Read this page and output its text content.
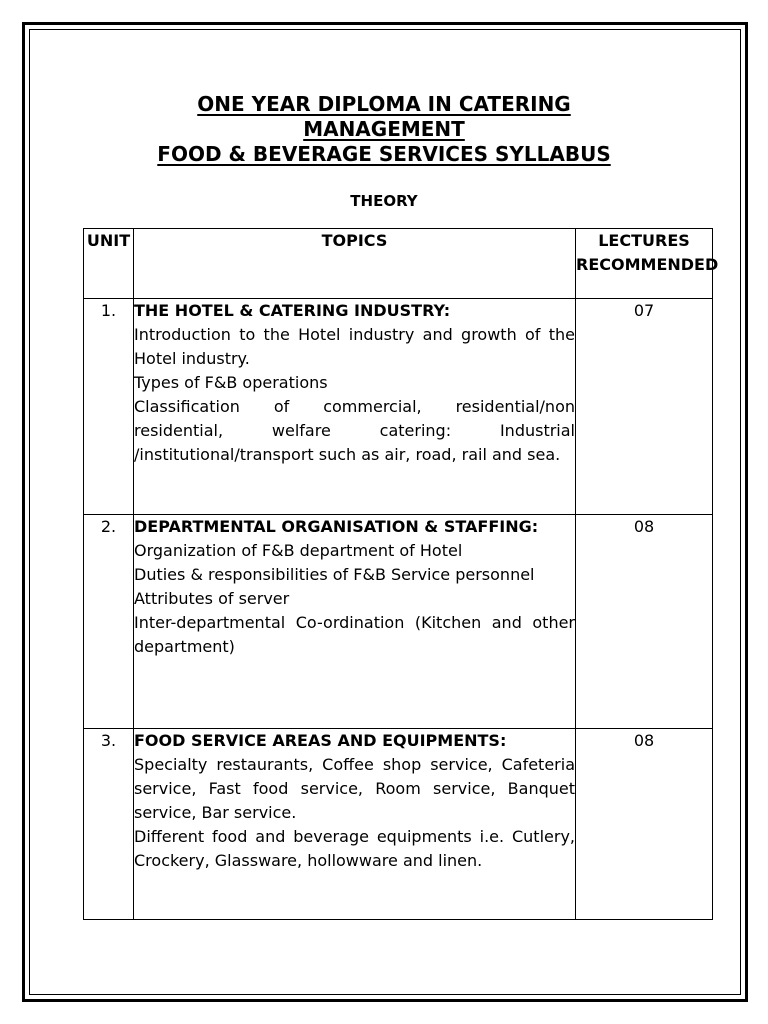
ONE YEAR DIPLOMA IN CATERING
MANAGEMENT
FOOD & BEVERAGE SERVICES SYLLABUS
THEORY
UNIT	TOPICS	LECTURES RECOMMENDED

1.	THE HOTEL & CATERING INDUSTRY:
Introduction to the Hotel industry and growth of the Hotel industry.
Types of F&B operations
Classification of commercial, residential/non residential, welfare catering: Industrial /institutional/transport such as air, road, rail and sea.	07

2.	DEPARTMENTAL ORGANISATION & STAFFING:
Organization of F&B department of Hotel
Duties & responsibilities of F&B Service personnel
Attributes of server
Inter-departmental Co-ordination (Kitchen and other department)	08

3.	FOOD SERVICE AREAS AND EQUIPMENTS:
Specialty restaurants, Coffee shop service, Cafeteria service, Fast food service, Room service, Banquet service, Bar service.
Different food and beverage equipments i.e. Cutlery, Crockery, Glassware, hollowware and linen.	08
